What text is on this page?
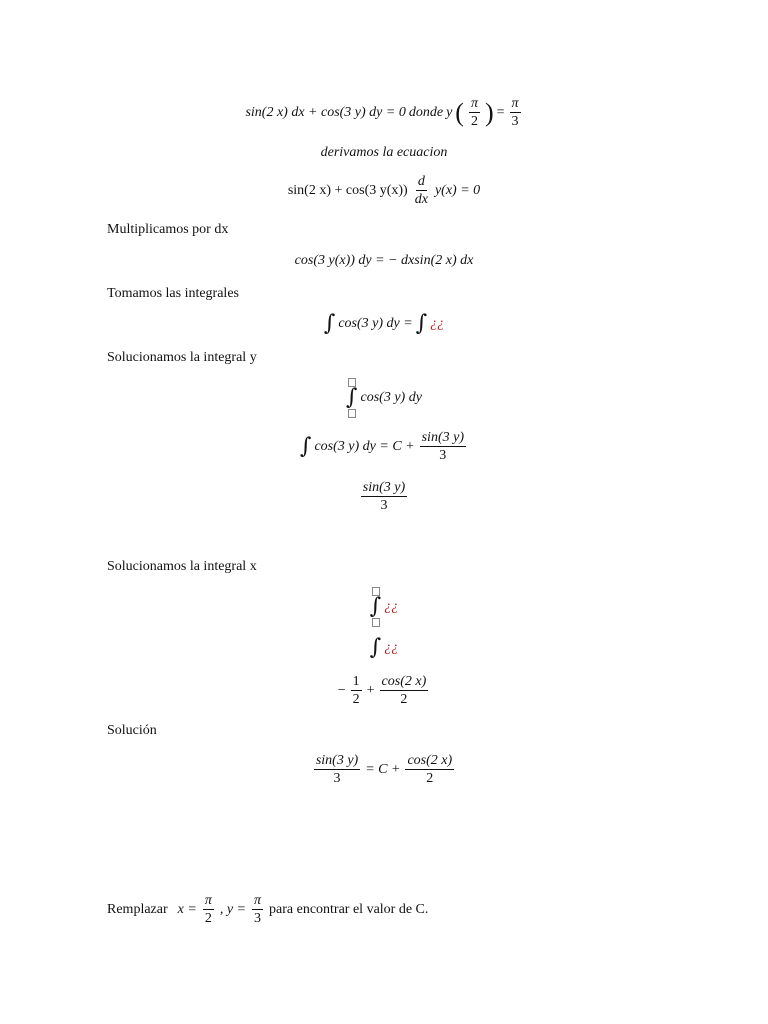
sin(2 x) dx + cos(3 y) dy = 0 donde y ( $\frac{\pi}{2}$ ) = $\frac{\pi}{3}$
derivamos la ecuacion
sin(2 x) + cos(3 $y(x)) \frac{d}{dx} y(x) = 0$
Multiplicamos por dx
cos(3 y(x)) dy = − dxsin(2 x) dx
Tomamos las integrales
∫ cos(3 y) dy = ∫ ¿¿
Solucionamos la integral y
∫ cos(3 y) dy
∫ cos(3 y) dy = $C + \frac{\sin(3 y)}{3}$
$\frac{\sin(3 y)}{3}$
Solucionamos la integral x
∫ ¿¿
∫ ¿¿
− $\frac{1}{2} + \frac{\cos(2 x)}{2}$
Solución
$\frac{\sin(3 y)}{3} = C + \frac{\cos(2 x)}{2}$
Remplazar $x = \frac{\pi}{2}$ , $y = \frac{\pi}{3}$ para encontrar el valor de C.
